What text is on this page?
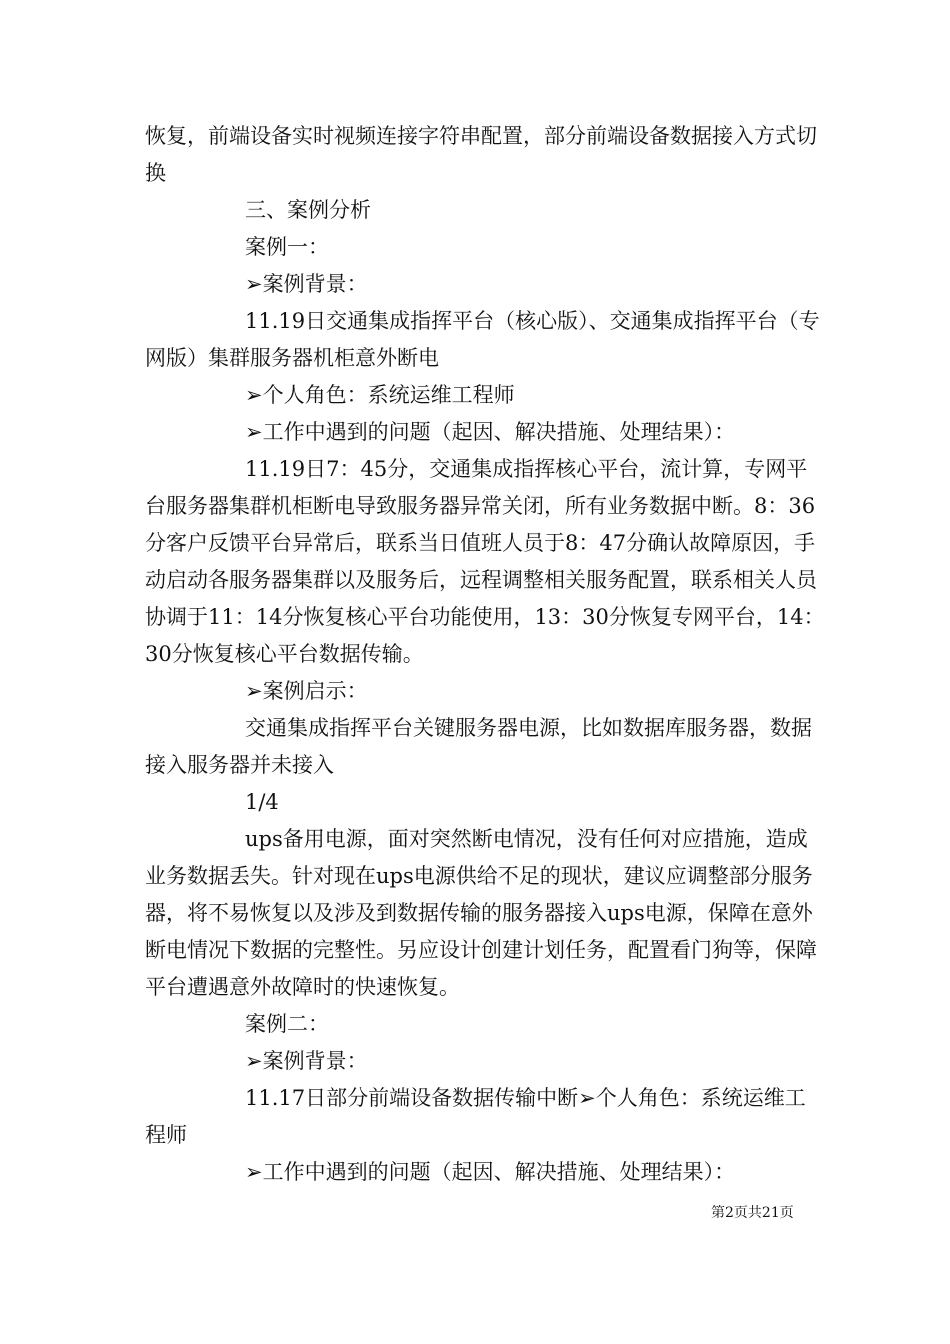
恢复，前端设备实时视频连接字符串配置，部分前端设备数据接入方式切换

三、案例分析

案例一：

➢案例背景：

11.19日交通集成指挥平台（核心版）、交通集成指挥平台（专网版）集群服务器机柜意外断电

➢个人角色：系统运维工程师

➢工作中遇到的问题（起因、解决措施、处理结果）：

11.19日7：45分，交通集成指挥核心平台，流计算，专网平台服务器集群机柜断电导致服务器异常关闭，所有业务数据中断。8：36分客户反馈平台异常后，联系当日值班人员于8：47分确认故障原因，手动启动各服务器集群以及服务后，远程调整相关服务配置，联系相关人员协调于11：14分恢复核心平台功能使用，13：30分恢复专网平台，14：30分恢复核心平台数据传输。

➢案例启示：

交通集成指挥平台关键服务器电源，比如数据库服务器，数据接入服务器并未接入

1/4

ups备用电源，面对突然断电情况，没有任何对应措施，造成业务数据丢失。针对现在ups电源供给不足的现状，建议应调整部分服务器，将不易恢复以及涉及到数据传输的服务器接入ups电源，保障在意外断电情况下数据的完整性。另应设计创建计划任务，配置看门狗等，保障平台遭遇意外故障时的快速恢复。

案例二：

➢案例背景：

11.17日部分前端设备数据传输中断➢个人角色：系统运维工程师

➢工作中遇到的问题（起因、解决措施、处理结果）：

第2页共21页
